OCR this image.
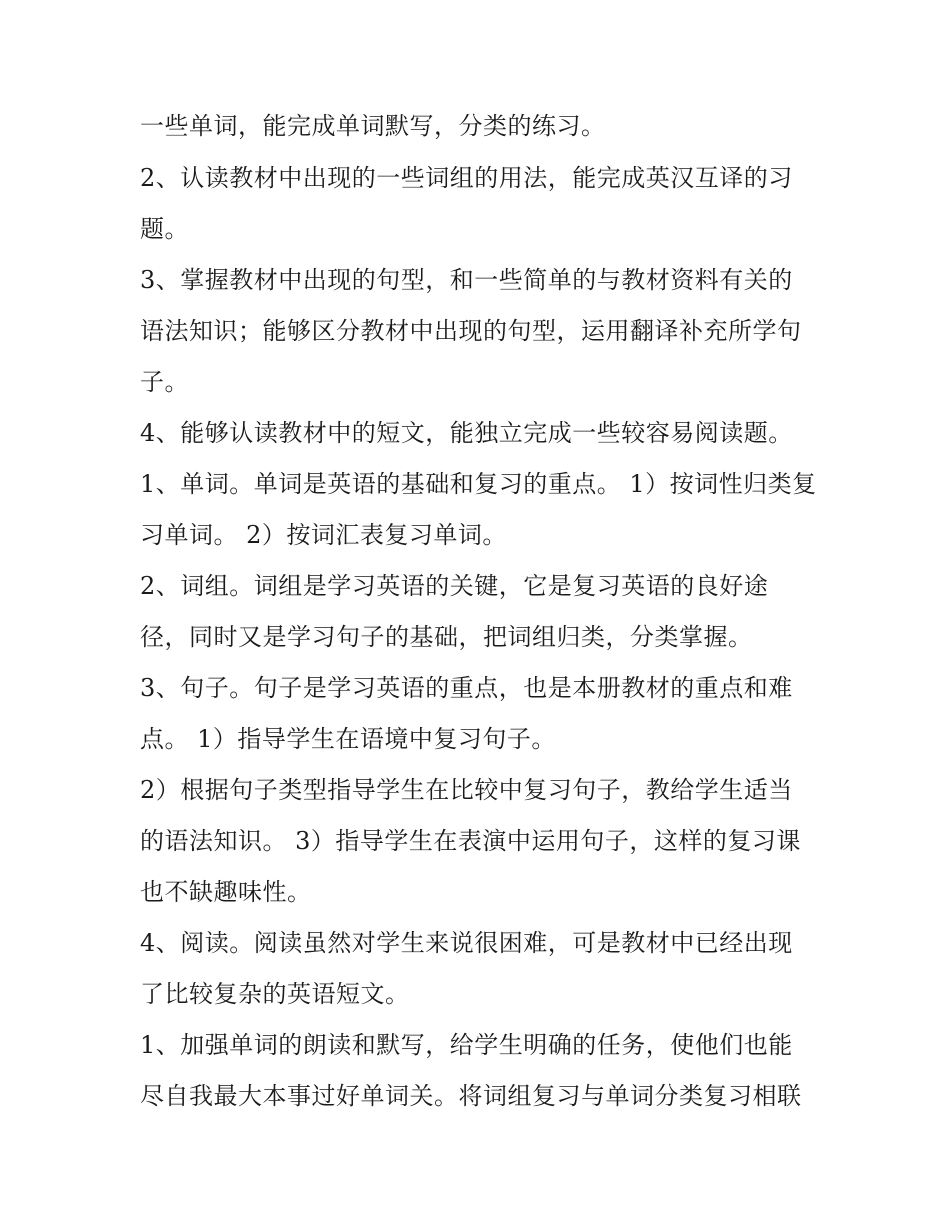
一些单词，能完成单词默写，分类的练习。
2、认读教材中出现的一些词组的用法，能完成英汉互译的习
题。
3、掌握教材中出现的句型，和一些简单的与教材资料有关的
语法知识；能够区分教材中出现的句型，运用翻译补充所学句
子。
4、能够认读教材中的短文，能独立完成一些较容易阅读题。
1、单词。单词是英语的基础和复习的重点。 1）按词性归类复
习单词。 2）按词汇表复习单词。
2、词组。词组是学习英语的关键，它是复习英语的良好途
径，同时又是学习句子的基础，把词组归类，分类掌握。
3、句子。句子是学习英语的重点，也是本册教材的重点和难
点。 1）指导学生在语境中复习句子。
2）根据句子类型指导学生在比较中复习句子，教给学生适当
的语法知识。 3）指导学生在表演中运用句子，这样的复习课
也不缺趣味性。
4、阅读。阅读虽然对学生来说很困难，可是教材中已经出现
了比较复杂的英语短文。
1、加强单词的朗读和默写，给学生明确的任务，使他们也能
尽自我最大本事过好单词关。将词组复习与单词分类复习相联
